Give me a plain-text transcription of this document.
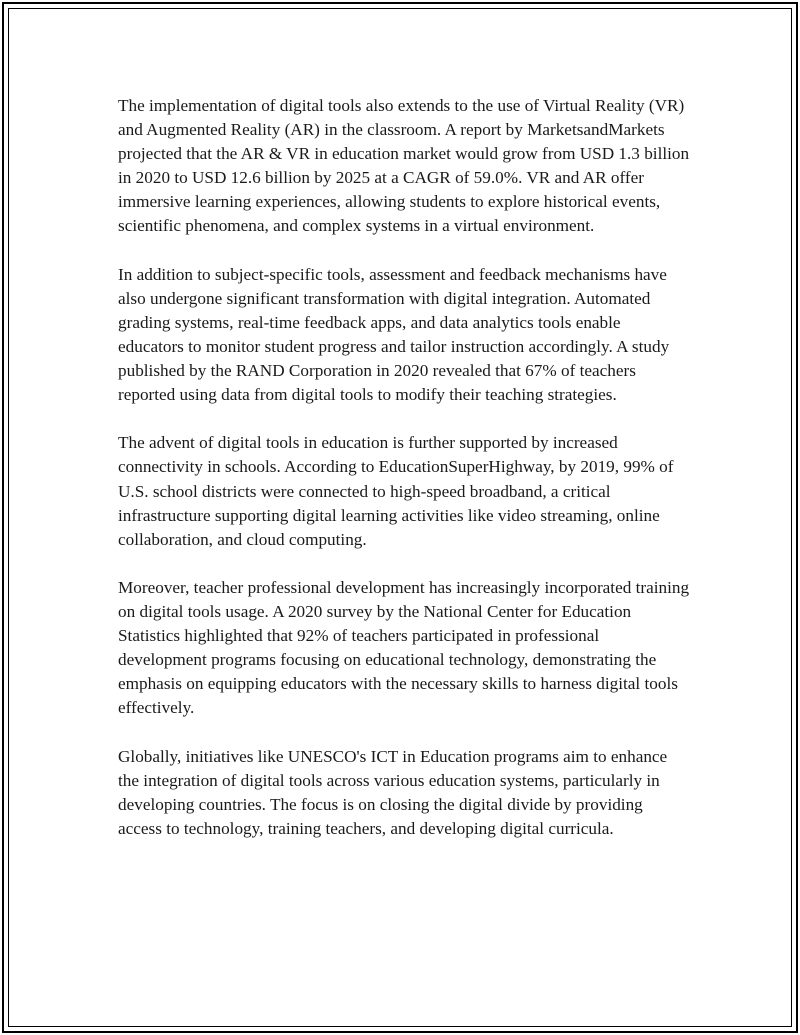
The implementation of digital tools also extends to the use of Virtual Reality (VR) and Augmented Reality (AR) in the classroom. A report by MarketsandMarkets projected that the AR & VR in education market would grow from USD 1.3 billion in 2020 to USD 12.6 billion by 2025 at a CAGR of 59.0%. VR and AR offer immersive learning experiences, allowing students to explore historical events, scientific phenomena, and complex systems in a virtual environment.

In addition to subject-specific tools, assessment and feedback mechanisms have also undergone significant transformation with digital integration. Automated grading systems, real-time feedback apps, and data analytics tools enable educators to monitor student progress and tailor instruction accordingly. A study published by the RAND Corporation in 2020 revealed that 67% of teachers reported using data from digital tools to modify their teaching strategies.

The advent of digital tools in education is further supported by increased connectivity in schools. According to EducationSuperHighway, by 2019, 99% of U.S. school districts were connected to high-speed broadband, a critical infrastructure supporting digital learning activities like video streaming, online collaboration, and cloud computing.

Moreover, teacher professional development has increasingly incorporated training on digital tools usage. A 2020 survey by the National Center for Education Statistics highlighted that 92% of teachers participated in professional development programs focusing on educational technology, demonstrating the emphasis on equipping educators with the necessary skills to harness digital tools effectively.

Globally, initiatives like UNESCO's ICT in Education programs aim to enhance the integration of digital tools across various education systems, particularly in developing countries. The focus is on closing the digital divide by providing access to technology, training teachers, and developing digital curricula.
